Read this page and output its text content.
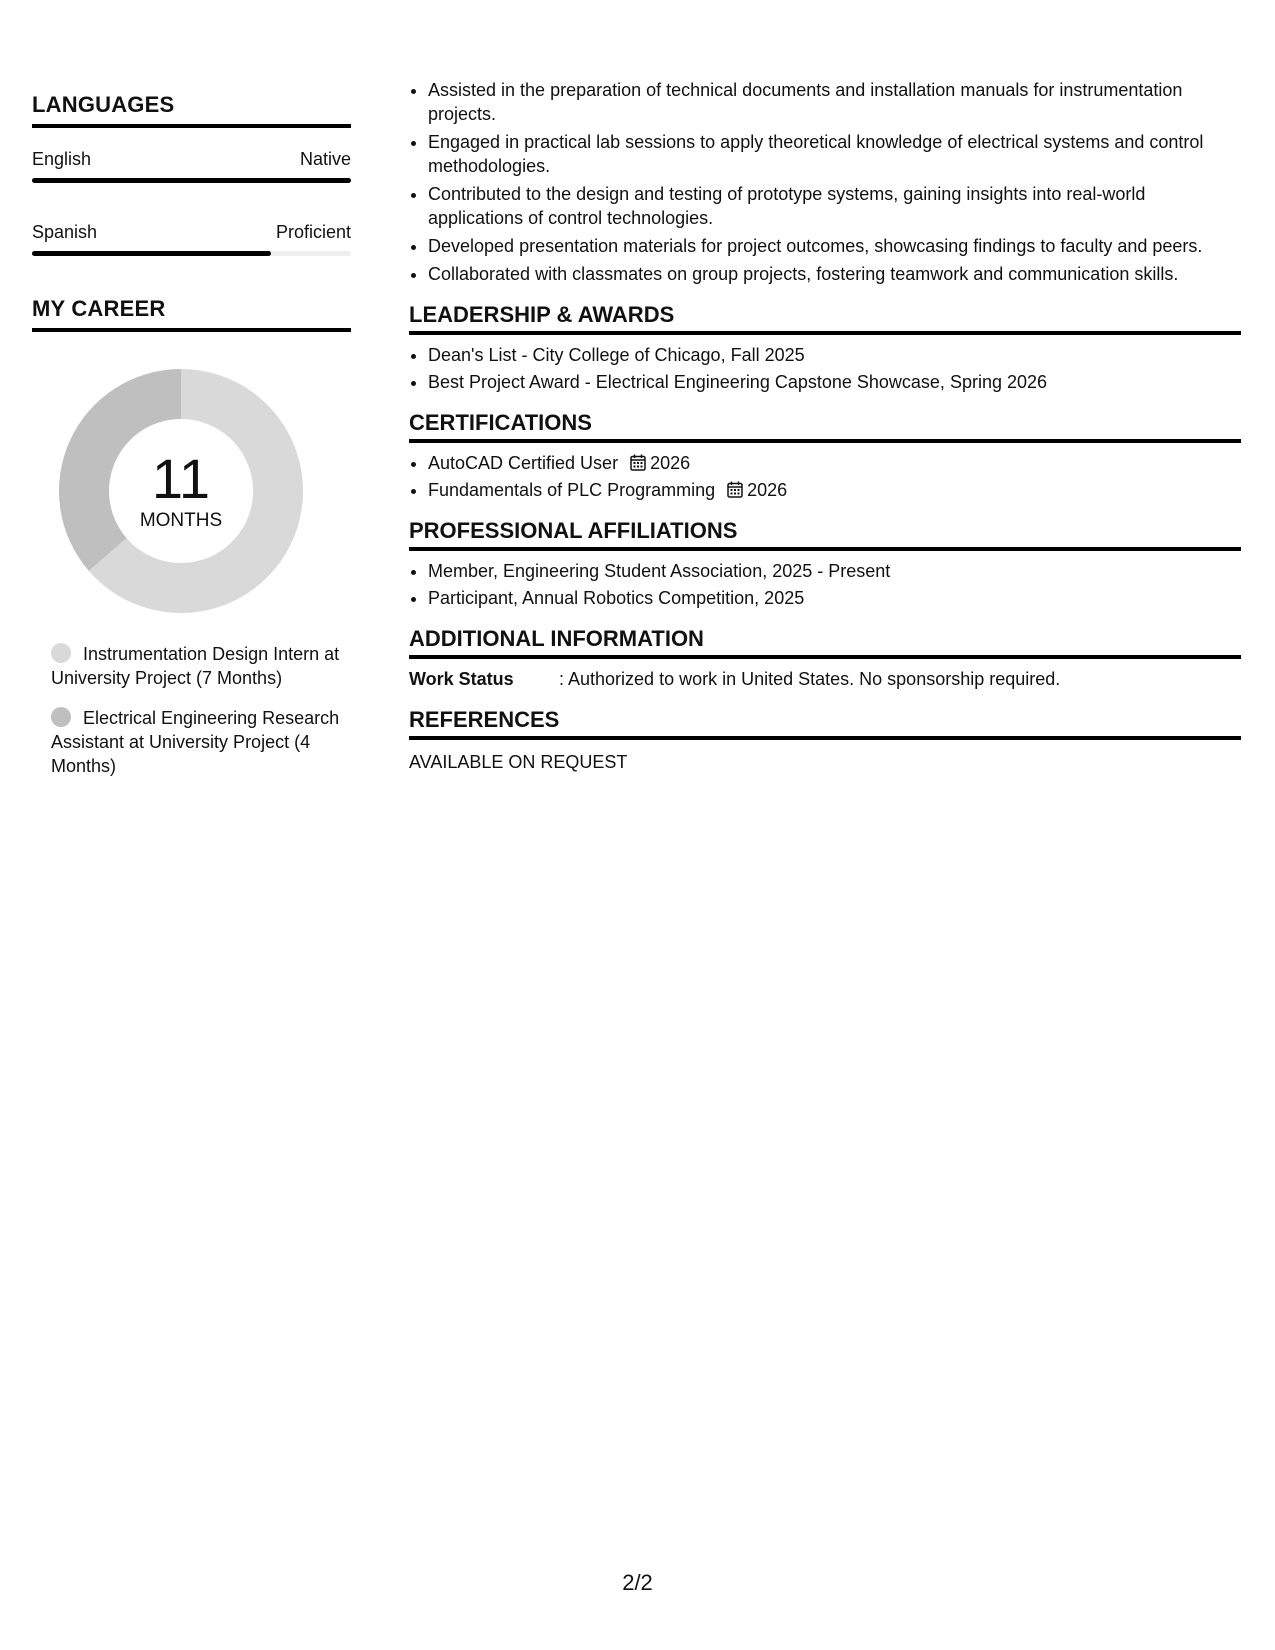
LANGUAGES
English	Native
Spanish	Proficient
MY CAREER
11
MONTHS
Instrumentation Design Intern at University Project (7 Months)
Electrical Engineering Research Assistant at University Project (4 Months)
• Assisted in the preparation of technical documents and installation manuals for instrumentation projects.
• Engaged in practical lab sessions to apply theoretical knowledge of electrical systems and control methodologies.
• Contributed to the design and testing of prototype systems, gaining insights into real-world applications of control technologies.
• Developed presentation materials for project outcomes, showcasing findings to faculty and peers.
• Collaborated with classmates on group projects, fostering teamwork and communication skills.
LEADERSHIP & AWARDS
• Dean's List - City College of Chicago, Fall 2025
• Best Project Award - Electrical Engineering Capstone Showcase, Spring 2026
CERTIFICATIONS
• AutoCAD Certified User 2026
• Fundamentals of PLC Programming 2026
PROFESSIONAL AFFILIATIONS
• Member, Engineering Student Association, 2025 - Present
• Participant, Annual Robotics Competition, 2025
ADDITIONAL INFORMATION
Work Status	: Authorized to work in United States. No sponsorship required.
REFERENCES
AVAILABLE ON REQUEST
2/2
